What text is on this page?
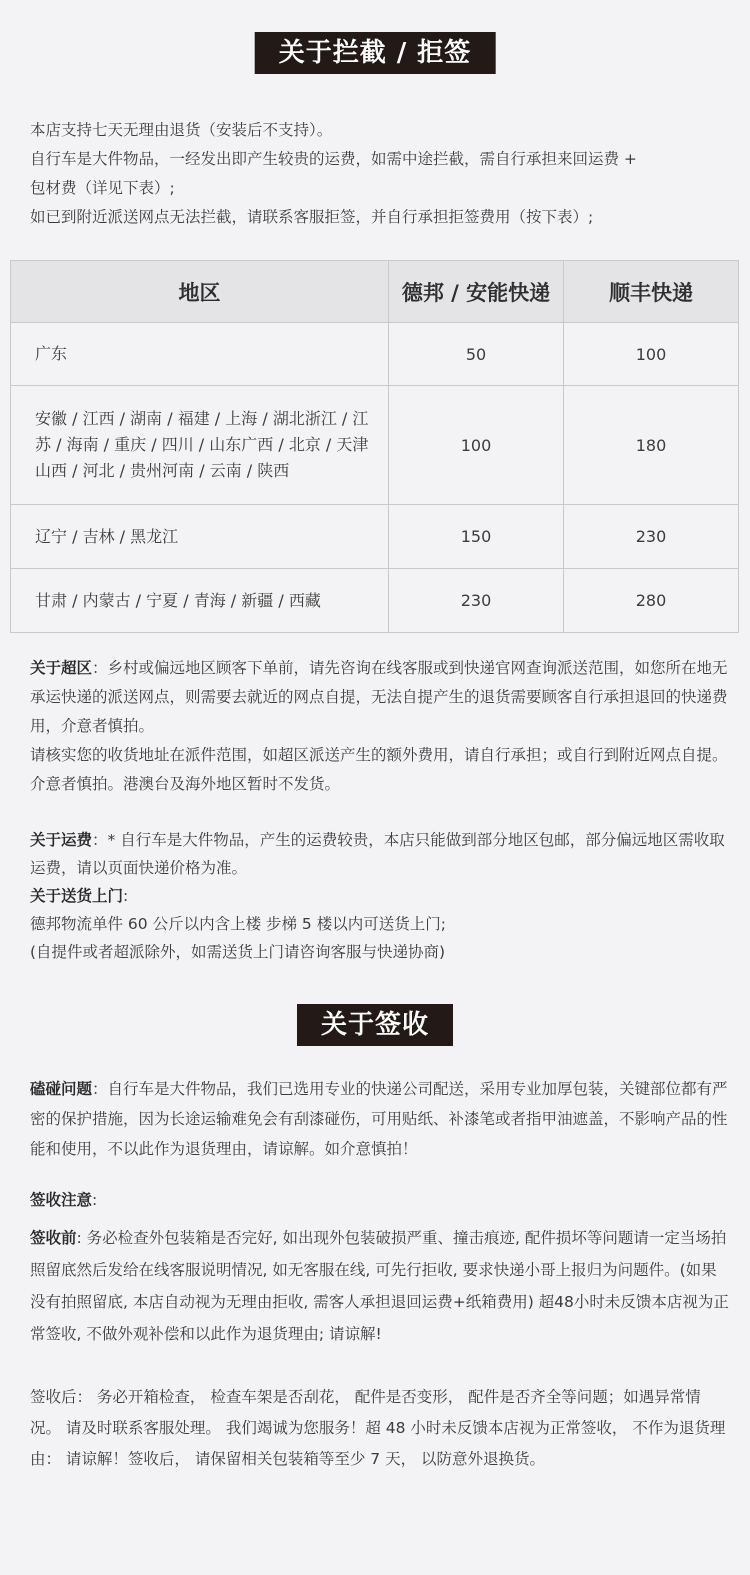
关于拦截 / 拒签

本店支持七天无理由退货（安装后不支持）。
自行车是大件物品，一经发出即产生较贵的运费，如需中途拦截，需自行承担来回运费 +
包材费（详见下表）;
如已到附近派送网点无法拦截，请联系客服拒签，并自行承担拒签费用（按下表）;

地区	德邦 / 安能快递	顺丰快递
广东	50	100
安徽 / 江西 / 湖南 / 福建 / 上海 / 湖北浙江 / 江苏 / 海南 / 重庆 / 四川 / 山东广西 / 北京 / 天津山西 / 河北 / 贵州河南 / 云南 / 陕西	100	180
辽宁 / 吉林 / 黑龙江	150	230
甘肃 / 内蒙古 / 宁夏 / 青海 / 新疆 / 西藏	230	280

关于超区：乡村或偏远地区顾客下单前，请先咨询在线客服或到快递官网查询派送范围，如您所在地无承运快递的派送网点，则需要去就近的网点自提，无法自提产生的退货需要顾客自行承担退回的快递费用，介意者慎拍。
请核实您的收货地址在派件范围，如超区派送产生的额外费用，请自行承担；或自行到附近网点自提。介意者慎拍。港澳台及海外地区暂时不发货。

关于运费：* 自行车是大件物品，产生的运费较贵，本店只能做到部分地区包邮，部分偏远地区需收取运费，请以页面快递价格为准。

关于送货上门:
德邦物流单件 60 公斤以内含上楼 步梯 5 楼以内可送货上门;
(自提件或者超派除外，如需送货上门请咨询客服与快递协商)

关于签收

磕碰问题：自行车是大件物品，我们已选用专业的快递公司配送，采用专业加厚包装，关键部位都有严密的保护措施，因为长途运输难免会有刮漆碰伤，可用贴纸、补漆笔或者指甲油遮盖，不影响产品的性能和使用，不以此作为退货理由，请谅解。如介意慎拍！

签收注意:

签收前: 务必检查外包装箱是否完好, 如出现外包装破损严重、撞击痕迹, 配件损坏等问题请一定当场拍照留底然后发给在线客服说明情况, 如无客服在线, 可先行拒收, 要求快递小哥上报归为问题件。(如果没有拍照留底, 本店自动视为无理由拒收, 需客人承担退回运费+纸箱费用) 超48小时未反馈本店视为正常签收, 不做外观补偿和以此作为退货理由; 请谅解!

签收后： 务必开箱检查， 检查车架是否刮花， 配件是否变形， 配件是否齐全等问题；如遇异常情况。 请及时联系客服处理。 我们竭诚为您服务！超 48 小时未反馈本店视为正常签收， 不作为退货理由： 请谅解！签收后， 请保留相关包装箱等至少 7 天， 以防意外退换货。
